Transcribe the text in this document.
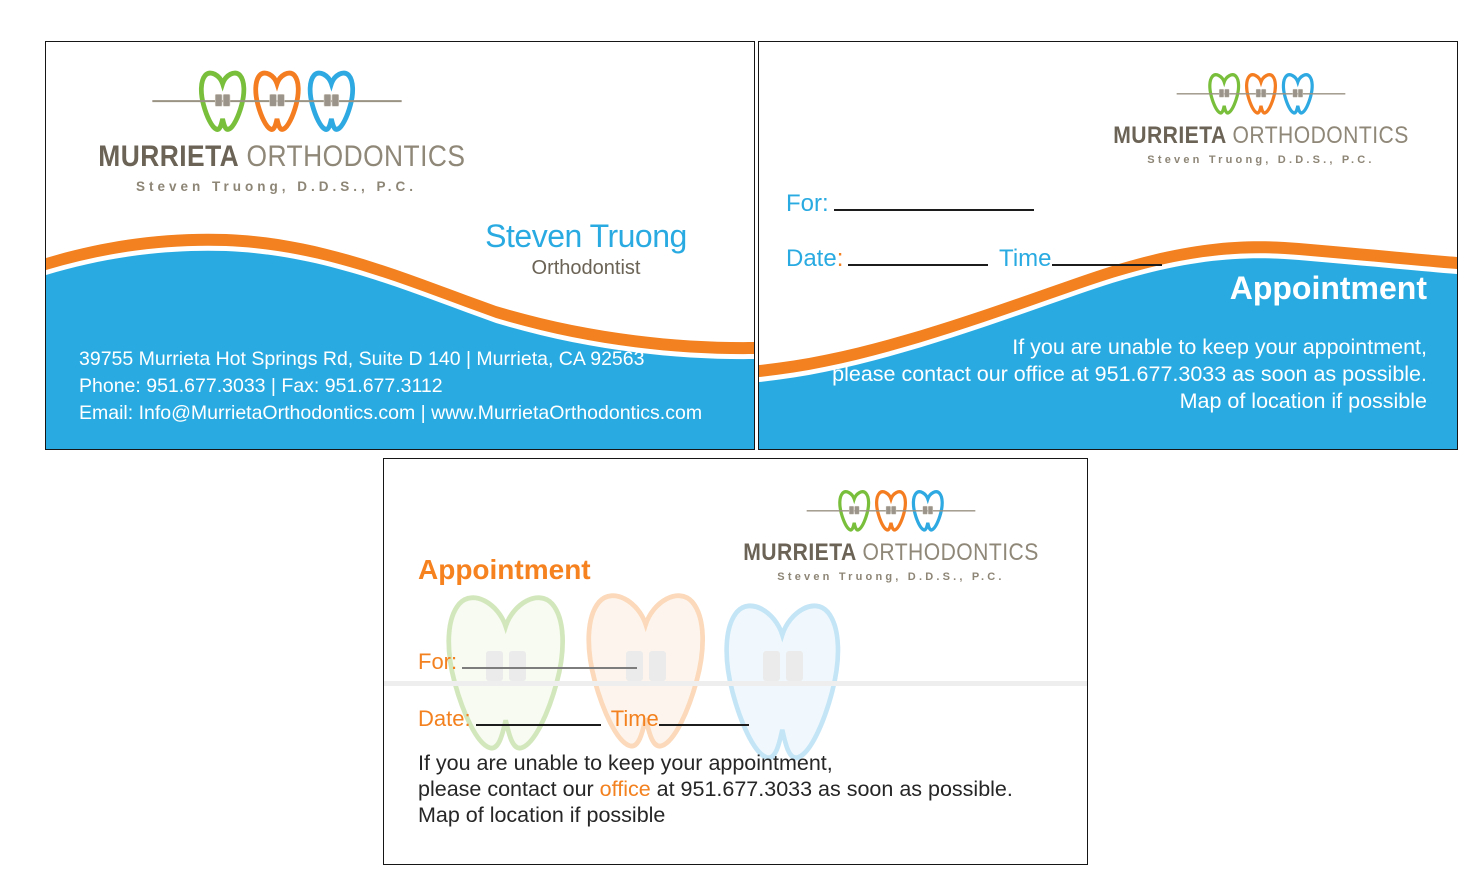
MURRIETA ORTHODONTICS
Steven Truong, D.D.S., P.C.
Steven Truong
Orthodontist
39755 Murrieta Hot Springs Rd, Suite D 140 | Murrieta, CA 92563
Phone: 951.677.3033 | Fax: 951.677.3112
Email: Info@MurrietaOrthodontics.com | www.MurrietaOrthodontics.com
MURRIETA ORTHODONTICS
Steven Truong, D.D.S., P.C.
For:
Date:	Time
Appointment
If you are unable to keep your appointment,
please contact our office at 951.677.3033 as soon as possible.
Map of location if possible
MURRIETA ORTHODONTICS
Steven Truong, D.D.S., P.C.
Appointment
For:
Date:	Time
If you are unable to keep your appointment,
please contact our office at 951.677.3033 as soon as possible.
Map of location if possible
